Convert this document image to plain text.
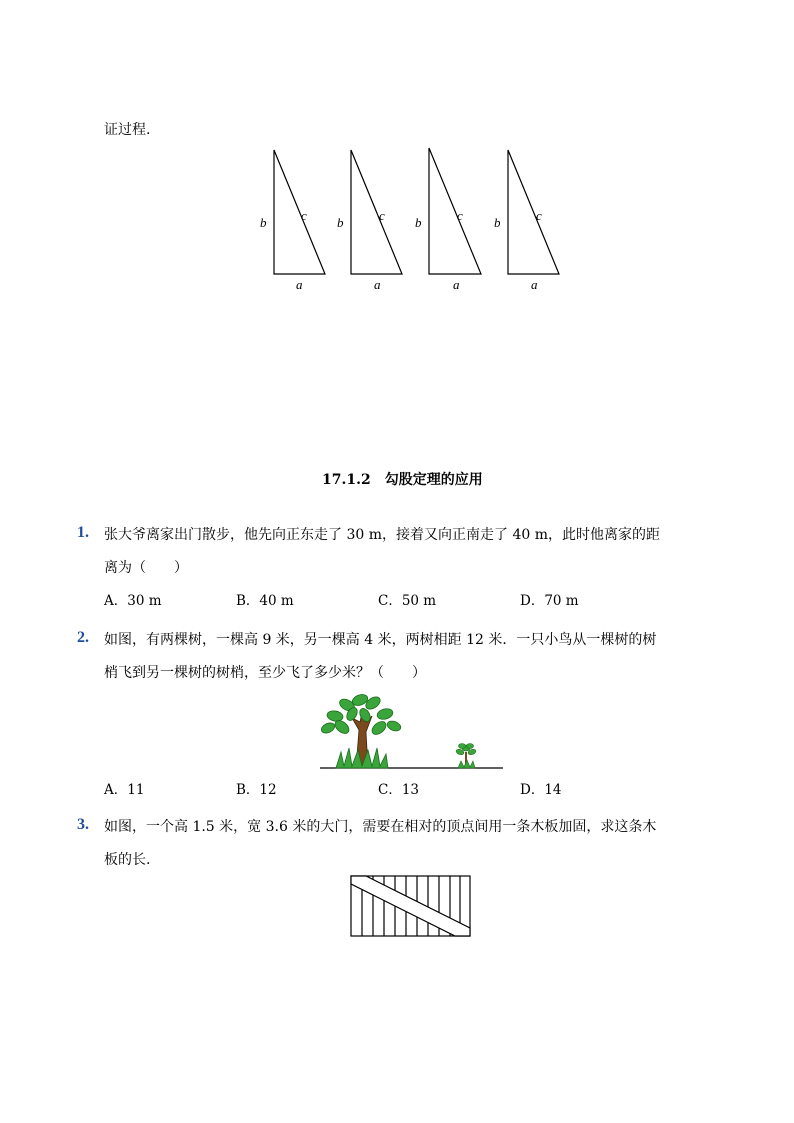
证过程.
b	c
a
b	c
a
b	c
a
b	c
a
17.1.2　勾股定理的应用
1. 张大爷离家出门散步，他先向正东走了 30 m，接着又向正南走了 40 m，此时他离家的距
离为（　　）
A．30 m	B．40 m	C．50 m	D．70 m
2. 如图，有两棵树，一棵高 9 米，另一棵高 4 米，两树相距 12 米．一只小鸟从一棵树的树
梢飞到另一棵树的树梢，至少飞了多少米？（　　）
A．11	B．12	C．13	D．14
3. 如图，一个高 1.5 米，宽 3.6 米的大门，需要在相对的顶点间用一条木板加固，求这条木
板的长.
